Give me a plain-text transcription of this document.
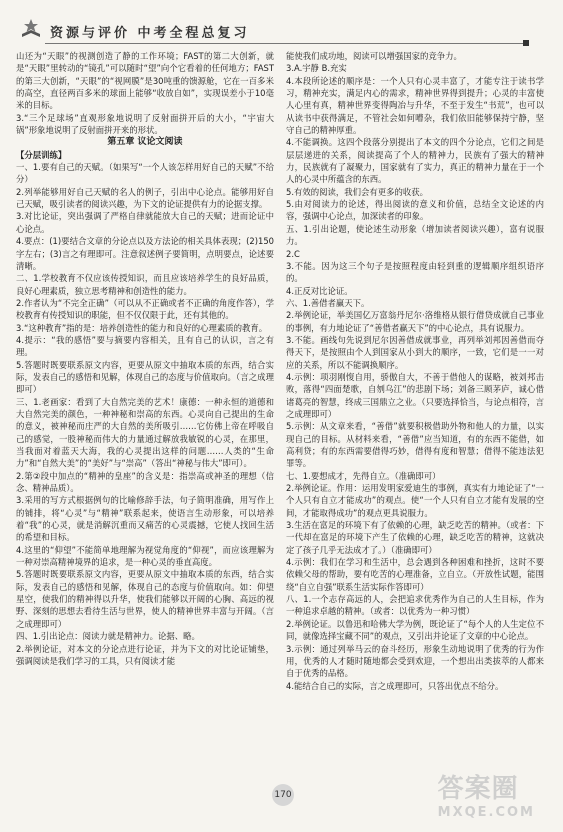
资源与评价 中考全程总复习

山还为“天眼”的视测创造了静的工作环境；FAST的第二大创新，就是“天眼”里转动的“镜孔”可以随时“望”向个它看着的任何地方；FAST的第三大创新，“天眼”的“视网膜”是30吨重的馈源舱，它在一百多米的高空，直径两百多米的球面上能够“收放自如”，实现误差小于10毫米的目标。

3.“三个足球场”直观形象地说明了反射面拼开后的大小，“宇宙大锅”形象地说明了反射面拼开来的形状。

第五章 议论文阅读

【分层训练】

一、1.要有自己的天赋。（如果写“一个人该怎样用好自己的天赋”不给分）

2.列举能够用好自己天赋的名人的例子，引出中心论点。能够用好自己天赋，吸引读者的阅读兴趣，为下文的论证提供有力的论据支撑。

3.对比论证，突出强调了严格自律就能放大自己的天赋；进而论证中心论点。

4.要点：(1)要结合文章的分论点以及方法论的相关具体表现；(2)150字左右；(3)言之有理即可。注意叙述例子要简明，点明要点，论述要清晰。

二、1.学校教育不仅应该传授知识，而且应该培养学生的良好品质，良好心理素质，独立思考精神和创造性的能力。

2.作者认为“不完全正确”（可以从不正确或者不正确的角度作答），学校教育有传授知识的职能，但不仅仅限于此，还有其他的。

3.“这种教育”指的是：培养创造性的能力和良好的心理素质的教育。

4.提示：“我的感悟”要与摘要内容相关，且有自己的认识，言之有理。

5.答题时既要联系原文内容，更要从原文中抽取本质的东西，结合实际，发表自己的感悟和见解，体现自己的态度与价值取向。（言之成理即可）

三、1.老画家：看到了大自然完美的艺术！康德：一种永恒的道德和大自然完美的颜色，一种神秘和崇高的东西。心灵向自己提出的生命的意义，被神秘而庄严的大自然的美所吸引……它仿佛上帝在呼吸自己的感觉，一股神秘而伟大的力量通过解放我敏锐的心灵，在那里，当我面对着蓝天大海，我的心灵提出这样的问题……人类的“生命力”和“自然大美”的“美好”与“崇高”（答出“神秘与伟大”即可）。

2.第②段中加点的“精神的皇座”的含义是：指崇高或神圣的理想（信念、精神品质）。

3.采用的写方式根据例句的比喻修辞手法，句子简明准确，用写作上的铺排，将“心灵”与“精神”联系起来，使语言生动形象，可以培养着“我”的心灵，就是消解沉重而又痛苦的心灵震撼，它使人找回生活的希望和目标。

4.这里的“仰望”不能简单地理解为视觉角度的“仰视”，而应该理解为一种对崇高精神境界的追求，是一种心灵的垂直高度。

5.答题时既要联系原文内容，更要从原文中抽取本质的东西，结合实际，发表自己的感悟和见解，体现自己的态度与价值取向。如：仰望星空，使我们的精神得以升华，使我们能够以开阔的心胸、高远的视野、深刻的思想去看待生活与世界，使人的精神世界丰富与开阔。（言之成理即可）

四、1.引出论点：阅读力就是精神力。论据、略。

2.举例论证，对本文的分论点进行论证，并为下文的对比论证铺垫，强调阅读是我们学习的工具，只有阅读才能

能使我们成功地，阅读可以增强国家的竞争力。

3.A.宇静 B.充实

4.本段所论述的顺序是：一个人只有心灵丰富了，才能专注于读书学习，精神充实，满足内心的需求，精神世界得到提升；心灵的丰富使人心里有真，精神世界变得陶冶与升华，不至于发生“书荒”，也可以从读书中获得满足，不管社会如何嘈杂，我们依旧能够保持宁静，坚守自己的精神厚重。

4.不能调换。这四个段落分别提出了本文的四个分论点，它们之间是层层递进的关系，阅读提高了个人的精神力，民族有了强大的精神力，民族就有了凝聚力，国家就有了实力，真正的精神力量在于一个人的心灵中所蕴含的东西。

5.有效的阅读，我们会有更多的收获。

5.由对阅读力的论述，得出阅读的意义和价值，总结全文论述的内容，强调中心论点，加深读者的印象。

五、1.引出论题，使论述生动形象（增加读者阅读兴趣），富有说服力。

2.C

3.不能。因为这三个句子是按照程度由轻到重的逻辑顺序组织语序的。

4.正反对比论证。

六、1.善借者赢天下。

2.举例论证，举美国亿万富翁丹尼尔·洛维格从银行借贷成就自己事业的事例，有力地论证了“善借者赢天下”的中心论点，具有说服力。

3.不能。画线句先说到尼尔因善借成就事业，再列举刘邦因善借而夺得天下，是按照由个人到国家从小到大的顺序，一致，它们是一一对应的关系，所以不能调换顺序。

4.示例：项羽刚愎自用，骄傲自大，不善于借他人的谋略，被刘邦击败，落得“四面楚歌，自刎乌江”的悲剧下场；刘备三顾茅庐，诚心借诸葛亮的智慧，终成三国鼎立之业。（只要选择恰当，与论点相符，言之成理即可）

5.示例：从文章来看，“善借”就要积极借助外物和他人的力量，以实现自己的目标。从材料来看，“善借”应当知道，有的东西不能借，如高利贷；有的东西需要借得巧妙，借得有度和智慧；借得不能违法犯罪等。

七、1.要想成才，先得自立。（准确即可）

2.举例论证。作用：运用发明家爱迪生的事例，真实有力地论证了“一个人只有自立才能成功”的观点。使“一个人只有自立才能有发展的空间，才能取得成功”的观点更具说服力。

3.生活在富足的环境下有了依赖的心理，缺乏吃苦的精神。（或者：下一代却在富足的环境下产生了依赖的心理，缺乏吃苦的精神，这就决定了孩子几乎无法成才了。）（准确即可）

4.示例：我们在学习和生活中，总会遇到各种困难和挫折，这时不要依赖父母的帮助，要有吃苦的心理准备，立自立。（开放性试题，能围绕“自立自强”联系生活实际作答即可）

八、1.一个志存高远的人，会把追求优秀作为自己的人生目标，作为一种追求卓越的精神。（或者：以优秀为一种习惯）

2.举例论证。以鲁迅和哈佛大学为例，既论证了“每个人的人生定位不同，就像选择宝藏不同”的观点，又引出并论证了文章的中心论点。

3.示例：通过列举马云的奋斗经历，形象生动地说明了优秀的行为作用，优秀的人才随时随地都会受到欢迎，一个想出出类拔萃的人都来自于优秀的品格。

4.能结合自己的实际，言之成理即可，只答出优点不给分。

170	答案圈
MXQE.COM
